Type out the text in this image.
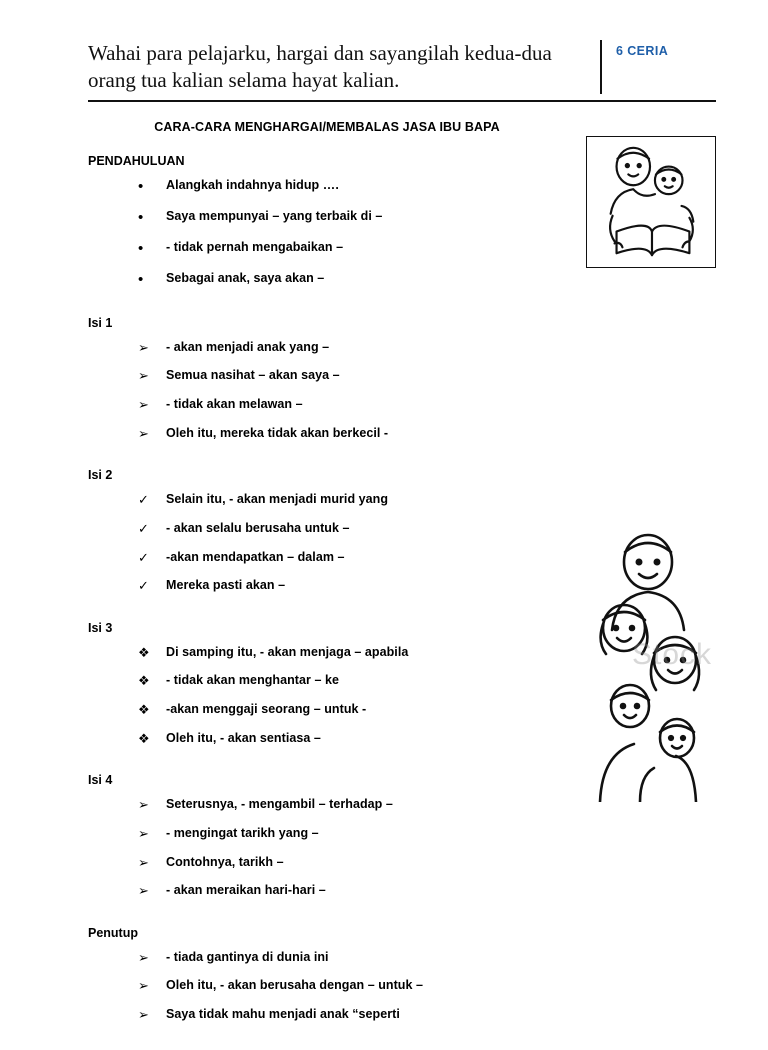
Wahai para pelajarku, hargai dan sayangilah kedua-dua orang tua kalian selama hayat kalian.
6 CERIA
CARA-CARA MENGHARGAI/MEMBALAS JASA IBU BAPA
PENDAHULUAN
•	Alangkah indahnya hidup ….
•	Saya mempunyai – yang terbaik di –
•	- tidak pernah mengabaikan –
•	Sebagai anak, saya akan –
Isi 1
➢	- akan menjadi anak yang –
➢	Semua nasihat – akan saya –
➢	- tidak akan melawan –
➢	Oleh itu, mereka tidak akan berkecil -
Isi 2
✓	Selain itu, - akan menjadi murid yang
✓	- akan selalu berusaha untuk –
✓	-akan mendapatkan – dalam –
✓	Mereka pasti akan –
Isi 3
❖	Di samping itu, - akan menjaga – apabila
❖	- tidak akan menghantar – ke
❖	-akan menggaji seorang – untuk -
❖	Oleh itu, - akan sentiasa –
Isi 4
➢	Seterusnya, - mengambil – terhadap –
➢	- mengingat tarikh yang –
➢	Contohnya, tarikh –
➢	- akan meraikan hari-hari –
Penutup
➢	- tiada gantinya di dunia ini
➢	Oleh itu, - akan berusaha dengan – untuk –
➢	Saya tidak mahu menjadi anak “seperti
Stock
